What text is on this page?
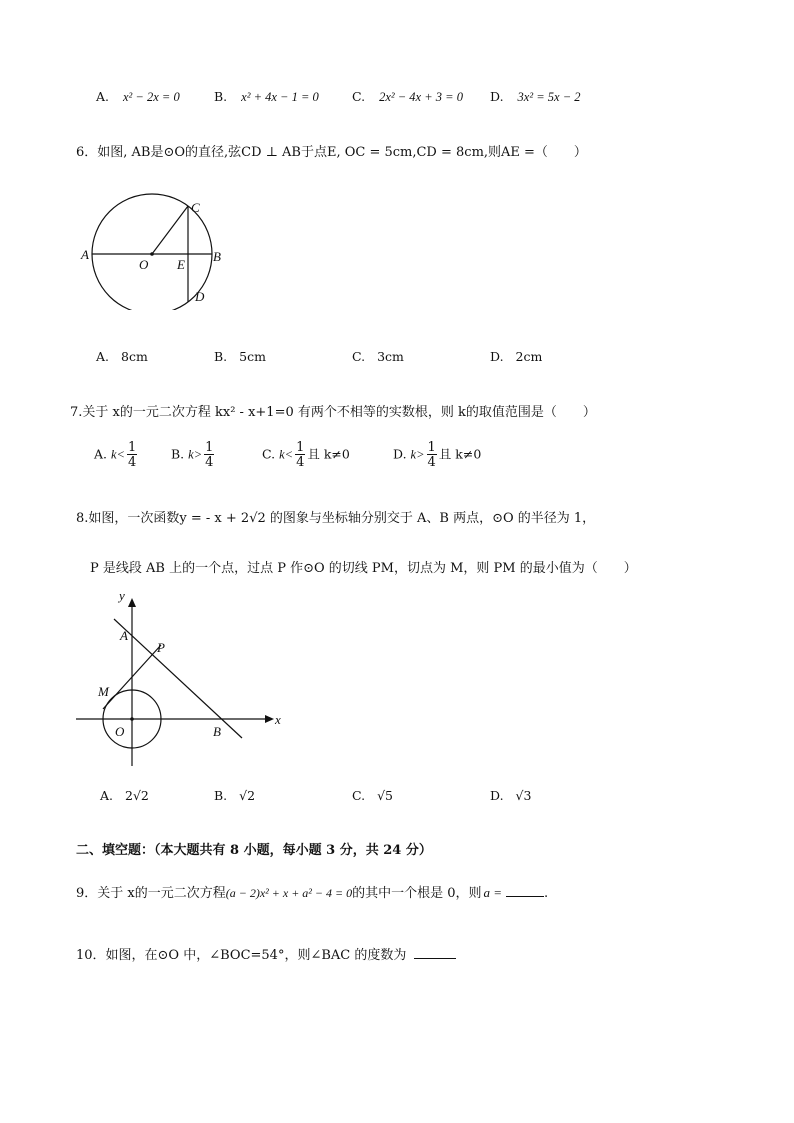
A. x² − 2x = 0	B. x² + 4x − 1 = 0	C. 2x² − 4x + 3 = 0 D. 3x² = 5x − 2
6．如图, AB是⊙O的直径,弦CD ⊥ AB于点E, OC = 5cm,CD = 8cm,则AE =（　　）
A
O E
B
C
D
A. 8cm	B. 5cm	C. 3cm	D. 2cm
7.关于 x的一元二次方程 kx² - x+1=0 有两个不相等的实数根，则 k的取值范围是（　　）
A. $k< \frac{1}{4}$	B. $k> \frac{1}{4}$	C. $k< \frac{1}{4}$ 且 k≠0	D. $k> \frac{1}{4}$ 且 k≠0
8.如图，一次函数y = - x + 2√2 的图象与坐标轴分别交于 A、B 两点，⊙O 的半径为 1，
P 是线段 AB 上的一个点，过点 P 作⊙O 的切线 PM，切点为 M，则 PM 的最小值为（　　）
y
x
A
P
M
O	B
A. 2√2	B. √2	C. √5	D. √3
二、填空题：（本大题共有 8 小题，每小题 3 分，共 24 分）
9．关于 x的一元二次方程(a − 2)x² + x + a² − 4 = 0的其中一个根是 0，则 a =	.
10．如图，在⊙O 中，∠BOC=54°，则∠BAC 的度数为
